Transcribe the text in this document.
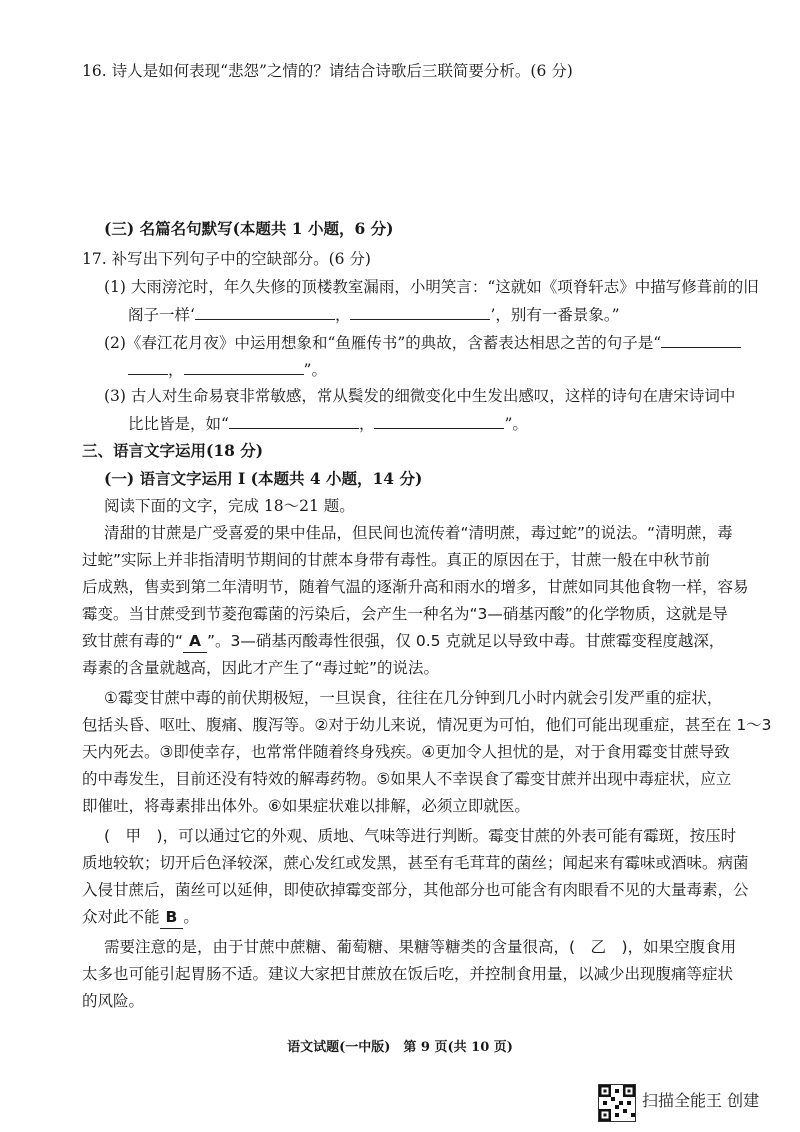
16. 诗人是如何表现“悲怨”之情的？请结合诗歌后三联简要分析。(6 分)
(三) 名篇名句默写(本题共 1 小题，6 分)
17. 补写出下列句子中的空缺部分。(6 分)
(1) 大雨滂沱时，年久失修的顶楼教室漏雨，小明笑言：“这就如《项脊轩志》中描写修葺前的旧
阁子一样‘	，	’，别有一番景象。”
(2)《春江花月夜》中运用想象和“鱼雁传书”的典故，含蓄表达相思之苦的句子是“
，	”。
(3) 古人对生命易衰非常敏感，常从鬓发的细微变化中生发出感叹，这样的诗句在唐宋诗词中
比比皆是，如“	，	”。
三、语言文字运用(18 分)
(一) 语言文字运用 Ⅰ (本题共 4 小题，14 分)
阅读下面的文字，完成 18～21 题。
清甜的甘蔗是广受喜爱的果中佳品，但民间也流传着“清明蔗，毒过蛇”的说法。“清明蔗，毒
过蛇”实际上并非指清明节期间的甘蔗本身带有毒性。真正的原因在于，甘蔗一般在中秋节前
后成熟，售卖到第二年清明节，随着气温的逐渐升高和雨水的增多，甘蔗如同其他食物一样，容易
霉变。当甘蔗受到节菱孢霉菌的污染后，会产生一种名为“3—硝基丙酸”的化学物质，这就是导
致甘蔗有毒的“ A ”。3—硝基丙酸毒性很强，仅 0.5 克就足以导致中毒。甘蔗霉变程度越深，
毒素的含量就越高，因此才产生了“毒过蛇”的说法。
①霉变甘蔗中毒的前伏期极短，一旦误食，往往在几分钟到几小时内就会引发严重的症状，
包括头昏、呕吐、腹痛、腹泻等。②对于幼儿来说，情况更为可怕，他们可能出现重症，甚至在 1～3
天内死去。③即使幸存，也常常伴随着终身残疾。④更加令人担忧的是，对于食用霉变甘蔗导致
的中毒发生，目前还没有特效的解毒药物。⑤如果人不幸误食了霉变甘蔗并出现中毒症状，应立
即催吐，将毒素排出体外。⑥如果症状难以排解，必须立即就医。
(　甲　)，可以通过它的外观、质地、气味等进行判断。霉变甘蔗的外表可能有霉斑，按压时
质地较软；切开后色泽较深，蔗心发红或发黑，甚至有毛茸茸的菌丝；闻起来有霉味或酒味。病菌
入侵甘蔗后，菌丝可以延伸，即使砍掉霉变部分，其他部分也可能含有肉眼看不见的大量毒素，公
众对此不能 B 。
需要注意的是，由于甘蔗中蔗糖、葡萄糖、果糖等糖类的含量很高，(　乙　)，如果空腹食用
太多也可能引起胃肠不适。建议大家把甘蔗放在饭后吃，并控制食用量，以减少出现腹痛等症状
的风险。
语文试题(一中版)　第 9 页(共 10 页)
扫描全能王 创建
